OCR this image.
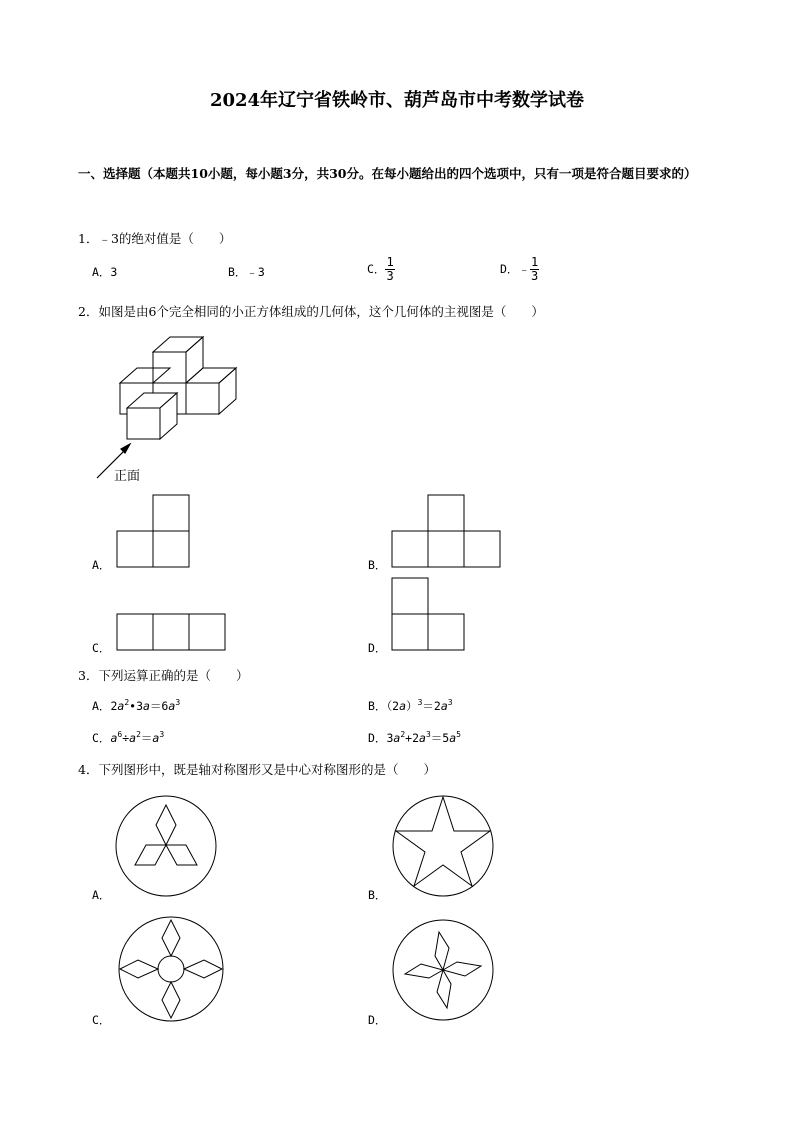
2024年辽宁省铁岭市、葫芦岛市中考数学试卷
一、选择题（本题共10小题，每小题3分，共30分。在每小题给出的四个选项中，只有一项是符合题目要求的）
1．﹣3的绝对值是（　　）
A．3	B．﹣3	C． $\frac{1}{3}$	D．﹣ $\frac{1}{3}$
2．如图是由6个完全相同的小正方体组成的几何体，这个几何体的主视图是（　　）
正面
A．	B．
C．	D．
3．下列运算正确的是（　　）
A．$2a^2•3a=6a^3$	B．$(2a)^3=2a^3$
C．$a^6\div a^2=a^3$	D．$3a^2+2a^3=5a^5$
4．下列图形中，既是轴对称图形又是中心对称图形的是（　　）
A．	B．
C．	D．
